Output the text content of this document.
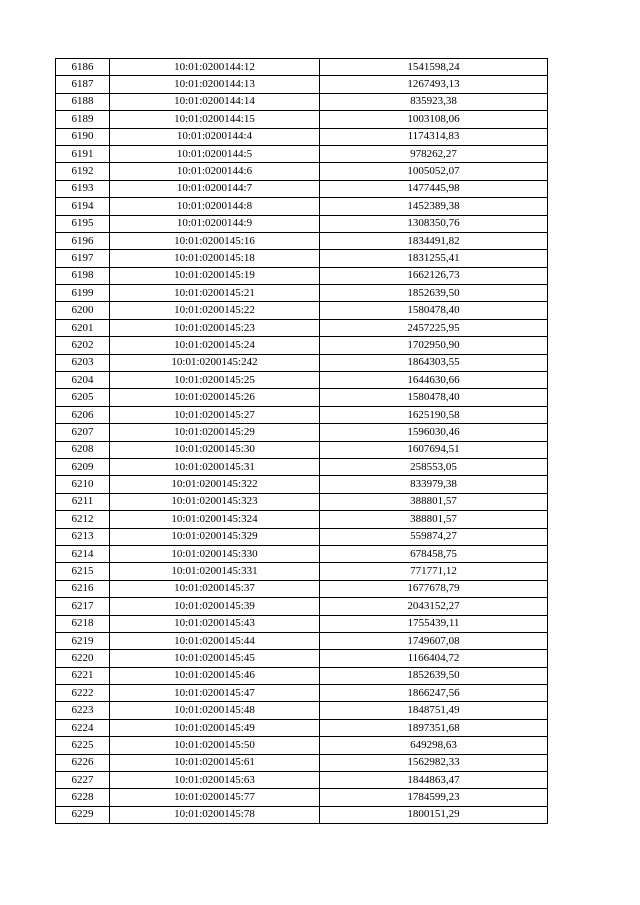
6186	10:01:0200144:12	1541598,24
6187	10:01:0200144:13	1267493,13
6188	10:01:0200144:14	835923,38
6189	10:01:0200144:15	1003108,06
6190	10:01:0200144:4	1174314,83
6191	10:01:0200144:5	978262,27
6192	10:01:0200144:6	1005052,07
6193	10:01:0200144:7	1477445,98
6194	10:01:0200144:8	1452389,38
6195	10:01:0200144:9	1308350,76
6196	10:01:0200145:16	1834491,82
6197	10:01:0200145:18	1831255,41
6198	10:01:0200145:19	1662126,73
6199	10:01:0200145:21	1852639,50
6200	10:01:0200145:22	1580478,40
6201	10:01:0200145:23	2457225,95
6202	10:01:0200145:24	1702950,90
6203	10:01:0200145:242	1864303,55
6204	10:01:0200145:25	1644630,66
6205	10:01:0200145:26	1580478,40
6206	10:01:0200145:27	1625190,58
6207	10:01:0200145:29	1596030,46
6208	10:01:0200145:30	1607694,51
6209	10:01:0200145:31	258553,05
6210	10:01:0200145:322	833979,38
6211	10:01:0200145:323	388801,57
6212	10:01:0200145:324	388801,57
6213	10:01:0200145:329	559874,27
6214	10:01:0200145:330	678458,75
6215	10:01:0200145:331	771771,12
6216	10:01:0200145:37	1677678,79
6217	10:01:0200145:39	2043152,27
6218	10:01:0200145:43	1755439,11
6219	10:01:0200145:44	1749607,08
6220	10:01:0200145:45	1166404,72
6221	10:01:0200145:46	1852639,50
6222	10:01:0200145:47	1866247,56
6223	10:01:0200145:48	1848751,49
6224	10:01:0200145:49	1897351,68
6225	10:01:0200145:50	649298,63
6226	10:01:0200145:61	1562982,33
6227	10:01:0200145:63	1844863,47
6228	10:01:0200145:77	1784599,23
6229	10:01:0200145:78	1800151,29
